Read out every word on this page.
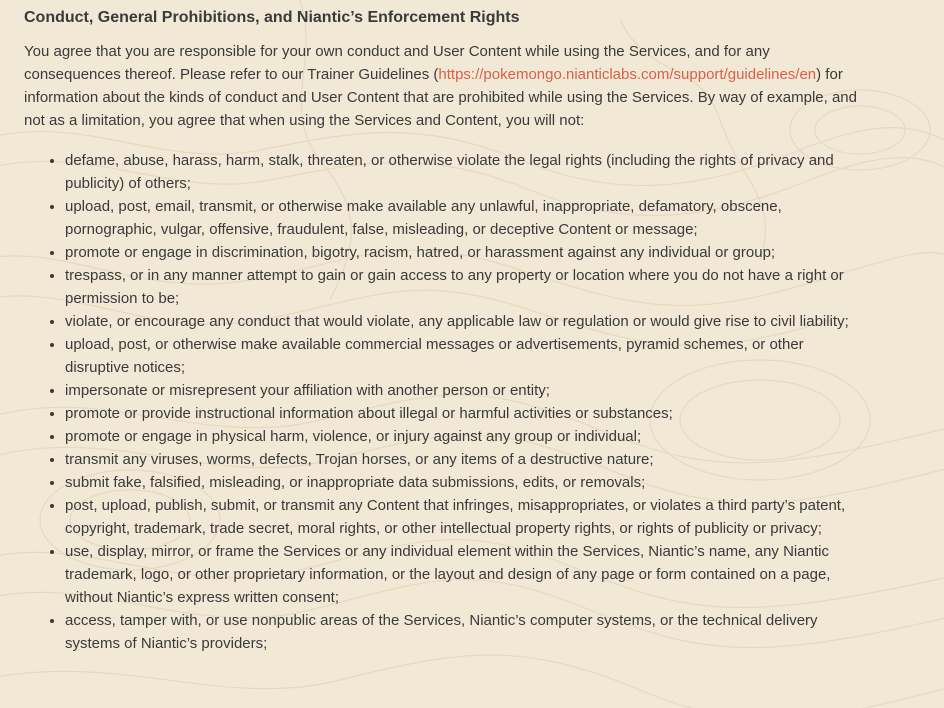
Conduct, General Prohibitions, and Niantic’s Enforcement Rights

You agree that you are responsible for your own conduct and User Content while using the Services, and for any consequences thereof. Please refer to our Trainer Guidelines (https://pokemongo.nianticlabs.com/support/guidelines/en) for information about the kinds of conduct and User Content that are prohibited while using the Services. By way of example, and not as a limitation, you agree that when using the Services and Content, you will not:

• defame, abuse, harass, harm, stalk, threaten, or otherwise violate the legal rights (including the rights of privacy and publicity) of others;
• upload, post, email, transmit, or otherwise make available any unlawful, inappropriate, defamatory, obscene, pornographic, vulgar, offensive, fraudulent, false, misleading, or deceptive Content or message;
• promote or engage in discrimination, bigotry, racism, hatred, or harassment against any individual or group;
• trespass, or in any manner attempt to gain or gain access to any property or location where you do not have a right or permission to be;
• violate, or encourage any conduct that would violate, any applicable law or regulation or would give rise to civil liability;
• upload, post, or otherwise make available commercial messages or advertisements, pyramid schemes, or other disruptive notices;
• impersonate or misrepresent your affiliation with another person or entity;
• promote or provide instructional information about illegal or harmful activities or substances;
• promote or engage in physical harm, violence, or injury against any group or individual;
• transmit any viruses, worms, defects, Trojan horses, or any items of a destructive nature;
• submit fake, falsified, misleading, or inappropriate data submissions, edits, or removals;
• post, upload, publish, submit, or transmit any Content that infringes, misappropriates, or violates a third party’s patent, copyright, trademark, trade secret, moral rights, or other intellectual property rights, or rights of publicity or privacy;
• use, display, mirror, or frame the Services or any individual element within the Services, Niantic’s name, any Niantic trademark, logo, or other proprietary information, or the layout and design of any page or form contained on a page, without Niantic’s express written consent;
• access, tamper with, or use nonpublic areas of the Services, Niantic’s computer systems, or the technical delivery systems of Niantic’s providers;
